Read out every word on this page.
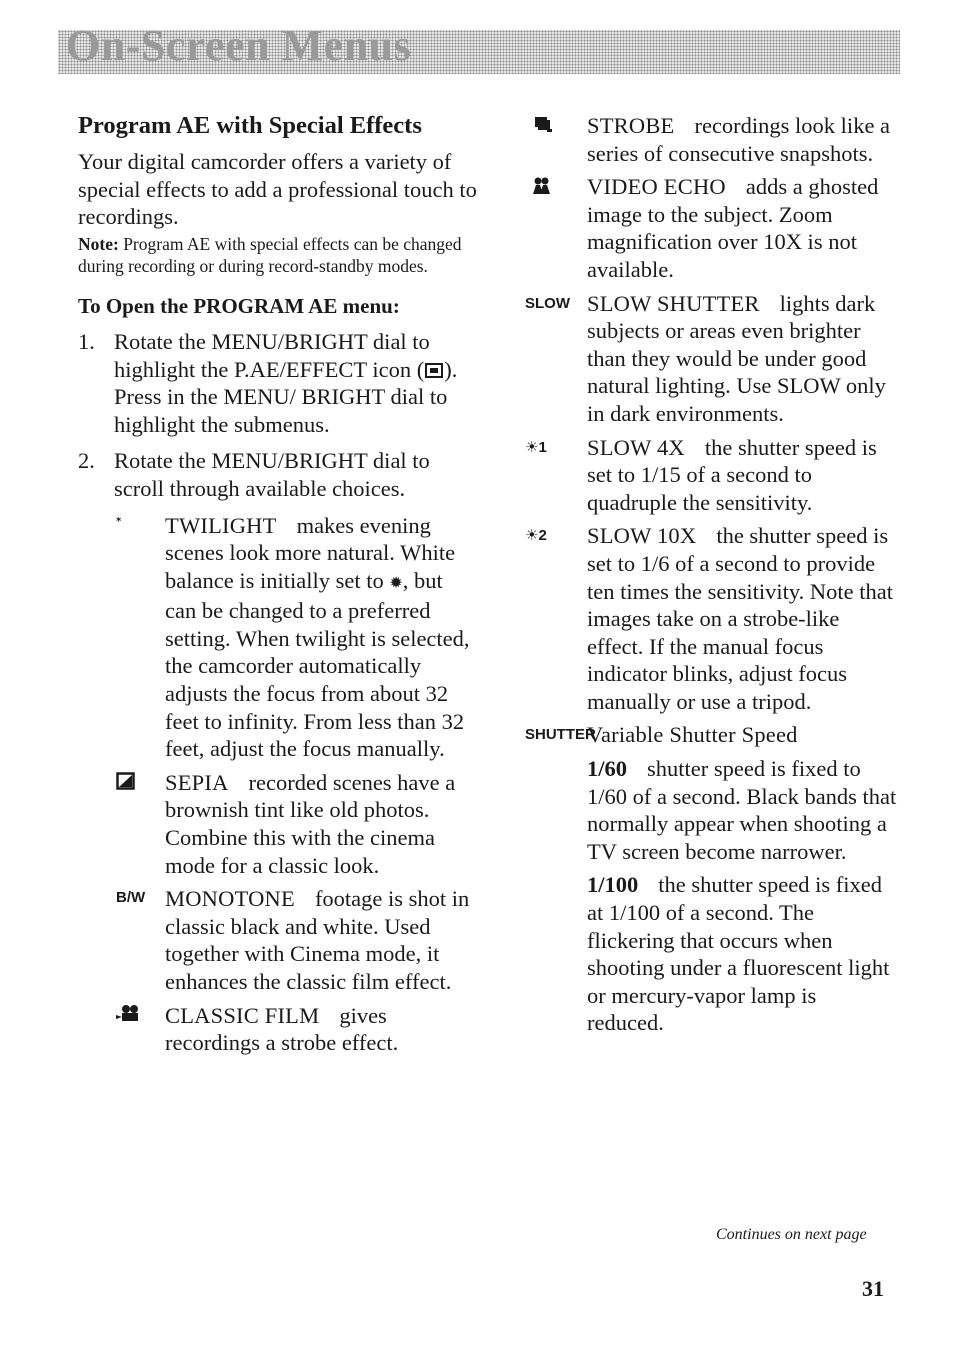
On-Screen Menus
Program AE with Special Effects

Your digital camcorder offers a variety of special effects to add a professional touch to recordings.

Note: Program AE with special effects can be changed during recording or during record-standby modes.

To Open the PROGRAM AE menu:
1. Rotate the MENU/BRIGHT dial to highlight the P.AE/EFFECT icon ( ). Press in the MENU/ BRIGHT dial to highlight the submenus.
2. Rotate the MENU/BRIGHT dial to scroll through available choices.
* TWILIGHT makes evening scenes look more natural. White balance is initially set to ✹, but can be changed to a preferred setting. When twilight is selected, the camcorder automatically adjusts the focus from about 32 feet to infinity. From less than 32 feet, adjust the focus manually.
SEPIA recorded scenes have a brownish tint like old photos. Combine this with the cinema mode for a classic look.
B/W MONOTONE footage is shot in classic black and white. Used together with Cinema mode, it enhances the classic film effect.
CLASSIC FILM gives recordings a strobe effect.
STROBE recordings look like a series of consecutive snapshots.
VIDEO ECHO adds a ghosted image to the subject. Zoom magnification over 10X is not available.
SLOW SLOW SHUTTER lights dark subjects or areas even brighter than they would be under good natural lighting. Use SLOW only in dark environments.
☀1	SLOW 4X the shutter speed is set to 1/15 of a second to quadruple the sensitivity.
☀2	SLOW 10X the shutter speed is set to 1/6 of a second to provide ten times the sensitivity. Note that images take on a strobe-like effect. If the manual focus indicator blinks, adjust focus manually or use a tripod.
SHUTTER
Variable Shutter Speed
1/60 shutter speed is fixed to 1/60 of a second. Black bands that normally appear when shooting a TV screen become narrower.
1/100 the shutter speed is fixed at 1/100 of a second. The flickering that occurs when shooting under a fluorescent light or mercury-vapor lamp is reduced.
Continues on next page
31
